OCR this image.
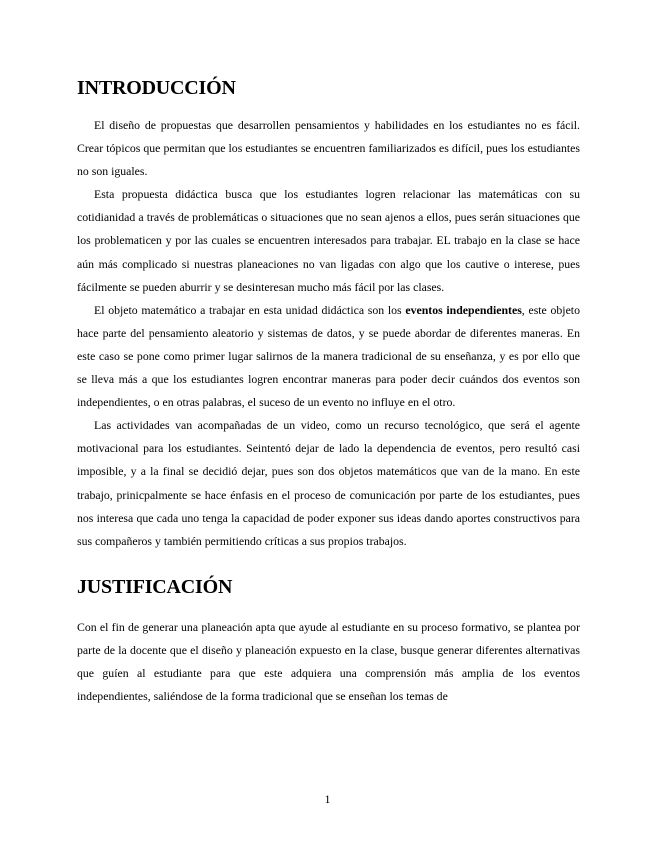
INTRODUCCIÓN

El diseño de propuestas que desarrollen pensamientos y habilidades en los estudiantes no es fácil. Crear tópicos que permitan que los estudiantes se encuentren familiarizados es difícil, pues los estudiantes no son iguales.

Esta propuesta didáctica busca que los estudiantes logren relacionar las matemáticas con su cotidianidad a través de problemáticas o situaciones que no sean ajenos a ellos, pues serán situaciones que los problematicen y por las cuales se encuentren interesados para trabajar. EL trabajo en la clase se hace aún más complicado si nuestras planeaciones no van ligadas con algo que los cautive o interese, pues fácilmente se pueden aburrir y se desinteresan mucho más fácil por las clases.

El objeto matemático a trabajar en esta unidad didáctica son los eventos independientes, este objeto hace parte del pensamiento aleatorio y sistemas de datos, y se puede abordar de diferentes maneras. En este caso se pone como primer lugar salirnos de la manera tradicional de su enseñanza, y es por ello que se lleva más a que los estudiantes logren encontrar maneras para poder decir cuándos dos eventos son independientes, o en otras palabras, el suceso de un evento no influye en el otro.

Las actividades van acompañadas de un video, como un recurso tecnológico, que será el agente motivacional para los estudiantes. Seintentó dejar de lado la dependencia de eventos, pero resultó casi imposible, y a la final se decidió dejar, pues son dos objetos matemáticos que van de la mano. En este trabajo, prinicpalmente se hace énfasis en el proceso de comunicación por parte de los estudiantes, pues nos interesa que cada uno tenga la capacidad de poder exponer sus ideas dando aportes constructivos para sus compañeros y también permitiendo críticas a sus propios trabajos.

JUSTIFICACIÓN

Con el fin de generar una planeación apta que ayude al estudiante en su proceso formativo, se plantea por parte de la docente que el diseño y planeación expuesto en la clase, busque generar diferentes alternativas que guíen al estudiante para que este adquiera una comprensión más amplia de los eventos independientes, saliéndose de la forma tradicional que se enseñan los temas de

1
